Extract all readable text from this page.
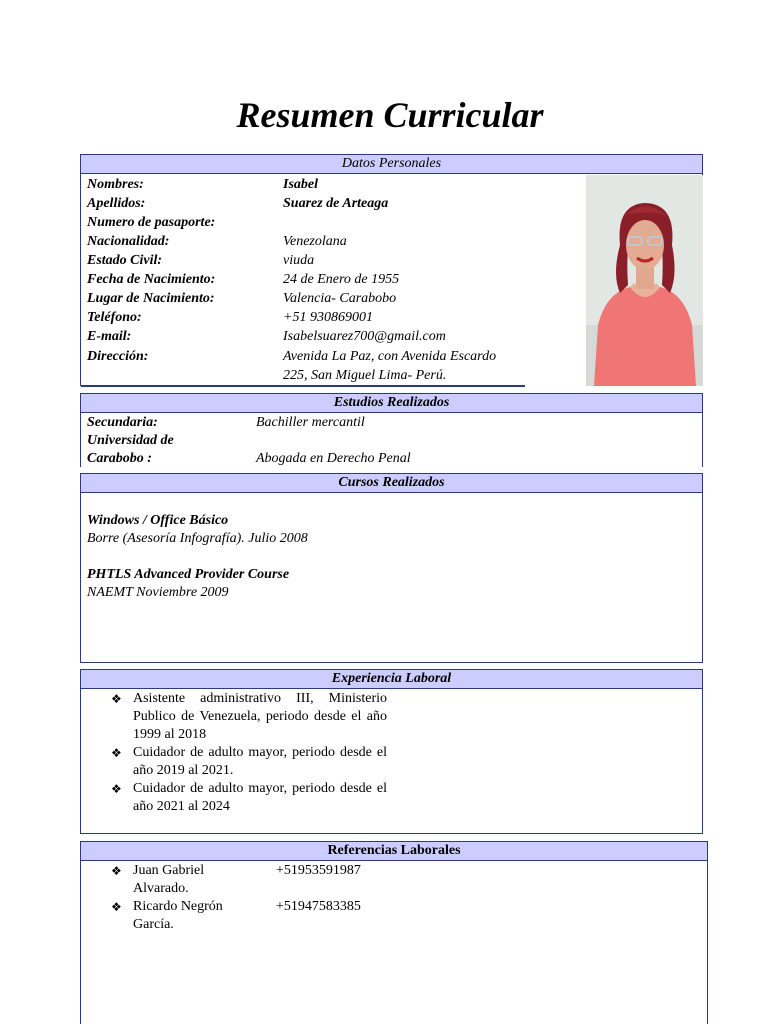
Resumen Curricular
Datos Personales
Nombres:	Isabel
Apellidos:	Suarez de Arteaga
Numero de pasaporte:
Nacionalidad:	Venezolana
Estado Civil:	viuda
Fecha de Nacimiento:	24 de Enero de 1955
Lugar de Nacimiento:	Valencia- Carabobo
Teléfono:	+51 930869001
E-mail:	Isabelsuarez700@gmail.com
Dirección:	Avenida La Paz, con Avenida Escardo
225, San Miguel Lima- Perú.
Estudios Realizados
Secundaria:	Bachiller mercantil
Universidad de
Carabobo :	Abogada en Derecho Penal
Cursos Realizados
Windows / Office Básico
Borre (Asesoría Infografía). Julio 2008
PHTLS Advanced Provider Course
NAEMT Noviembre 2009
Experiencia Laboral
❖ Asistente administrativo III, Ministerio Publico de Venezuela, periodo desde el año 1999 al 2018
❖ Cuidador de adulto mayor, periodo desde el año 2019 al 2021.
❖ Cuidador de adulto mayor, periodo desde el año 2021 al 2024
Referencias Laborales
❖ Juan Gabriel
Alvarado.
+51953591987
❖ Ricardo Negrón
García.
+51947583385
